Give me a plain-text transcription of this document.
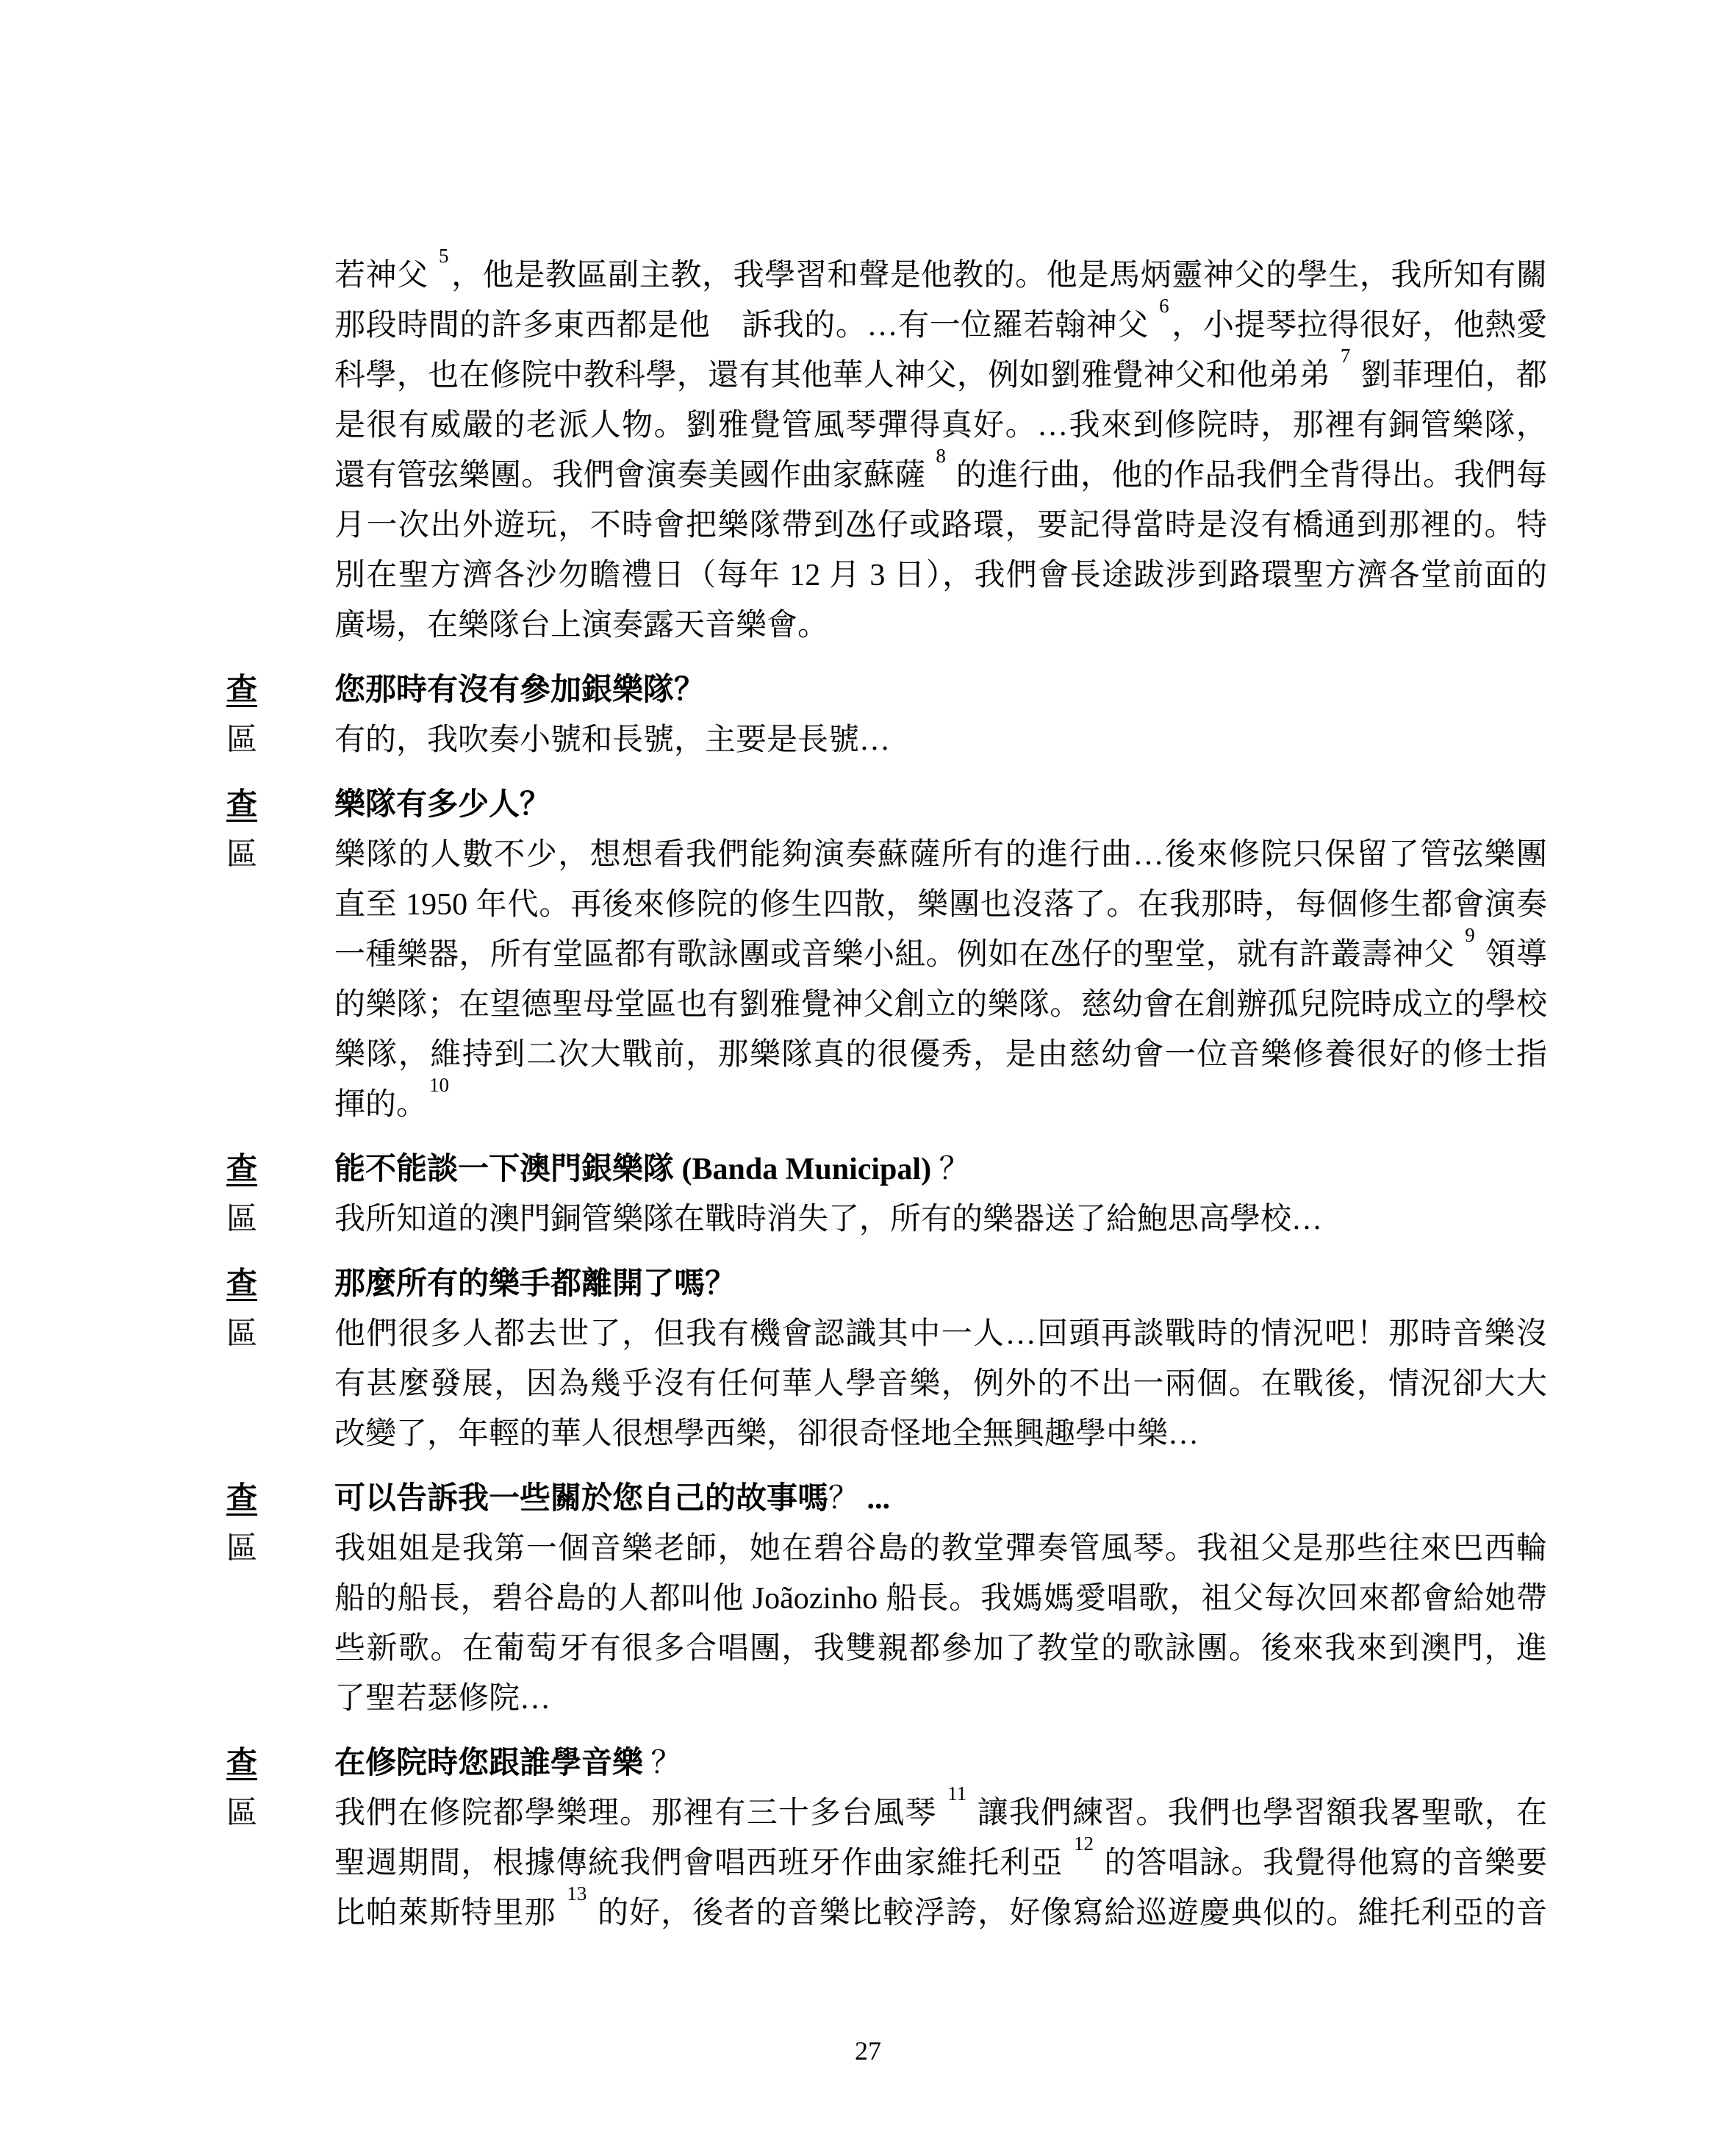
若神父 $^5$，他是教區副主教，我學習和聲是他教的。他是馬炳靈神父的學生，我所知有關
那段時間的許多東西都是他　訴我的。…有一位羅若翰神父 $^6$，小提琴拉得很好，他熱愛
科學，也在修院中教科學，還有其他華人神父，例如劉雅覺神父和他弟弟 $^7$ 劉菲理伯，都
是很有威嚴的老派人物。劉雅覺管風琴彈得真好。…我來到修院時，那裡有銅管樂隊，
還有管弦樂團。我們會演奏美國作曲家蘇薩 $^8$ 的進行曲，他的作品我們全背得出。我們每
月一次出外遊玩，不時會把樂隊帶到氹仔或路環，要記得當時是沒有橋通到那裡的。特
別在聖方濟各沙勿瞻禮日（每年 12 月 3 日），我們會長途跋涉到路環聖方濟各堂前面的
廣場，在樂隊台上演奏露天音樂會。
查	您那時有沒有參加銀樂隊？
區	有的，我吹奏小號和長號，主要是長號…
查	樂隊有多少人？
區	樂隊的人數不少，想想看我們能夠演奏蘇薩所有的進行曲…後來修院只保留了管弦樂團
直至 1950 年代。再後來修院的修生四散，樂團也沒落了。在我那時，每個修生都會演奏
一種樂器，所有堂區都有歌詠團或音樂小組。例如在氹仔的聖堂，就有許叢壽神父 $^9$ 領導
的樂隊；在望德聖母堂區也有劉雅覺神父創立的樂隊。慈幼會在創辦孤兒院時成立的學校
樂隊，維持到二次大戰前，那樂隊真的很優秀，是由慈幼會一位音樂修養很好的修士指
揮的。$^{10}$
查	能不能談一下澳門銀樂隊 (Banda Municipal) ？
區	我所知道的澳門銅管樂隊在戰時消失了，所有的樂器送了給鮑思高學校…
查	那麼所有的樂手都離開了嗎？
區	他們很多人都去世了，但我有機會認識其中一人…回頭再談戰時的情況吧！那時音樂沒
有甚麼發展，因為幾乎沒有任何華人學音樂，例外的不出一兩個。在戰後，情況卻大大
改變了，年輕的華人很想學西樂，卻很奇怪地全無興趣學中樂…
查	可以告訴我一些關於您自己的故事嗎？ ...
區	我姐姐是我第一個音樂老師，她在碧谷島的教堂彈奏管風琴。我祖父是那些往來巴西輪
船的船長，碧谷島的人都叫他 Joãozinho 船長。我媽媽愛唱歌，祖父每次回來都會給她帶
些新歌。在葡萄牙有很多合唱團，我雙親都參加了教堂的歌詠團。後來我來到澳門，進
了聖若瑟修院…
查	在修院時您跟誰學音樂 ？
區	我們在修院都學樂理。那裡有三十多台風琴 $^{11}$ 讓我們練習。我們也學習額我畧聖歌，在
聖週期間，根據傳統我們會唱西班牙作曲家維托利亞 $^{12}$ 的答唱詠。我覺得他寫的音樂要
比帕萊斯特里那 $^{13}$ 的好，後者的音樂比較浮誇，好像寫給巡遊慶典似的。維托利亞的音
27
